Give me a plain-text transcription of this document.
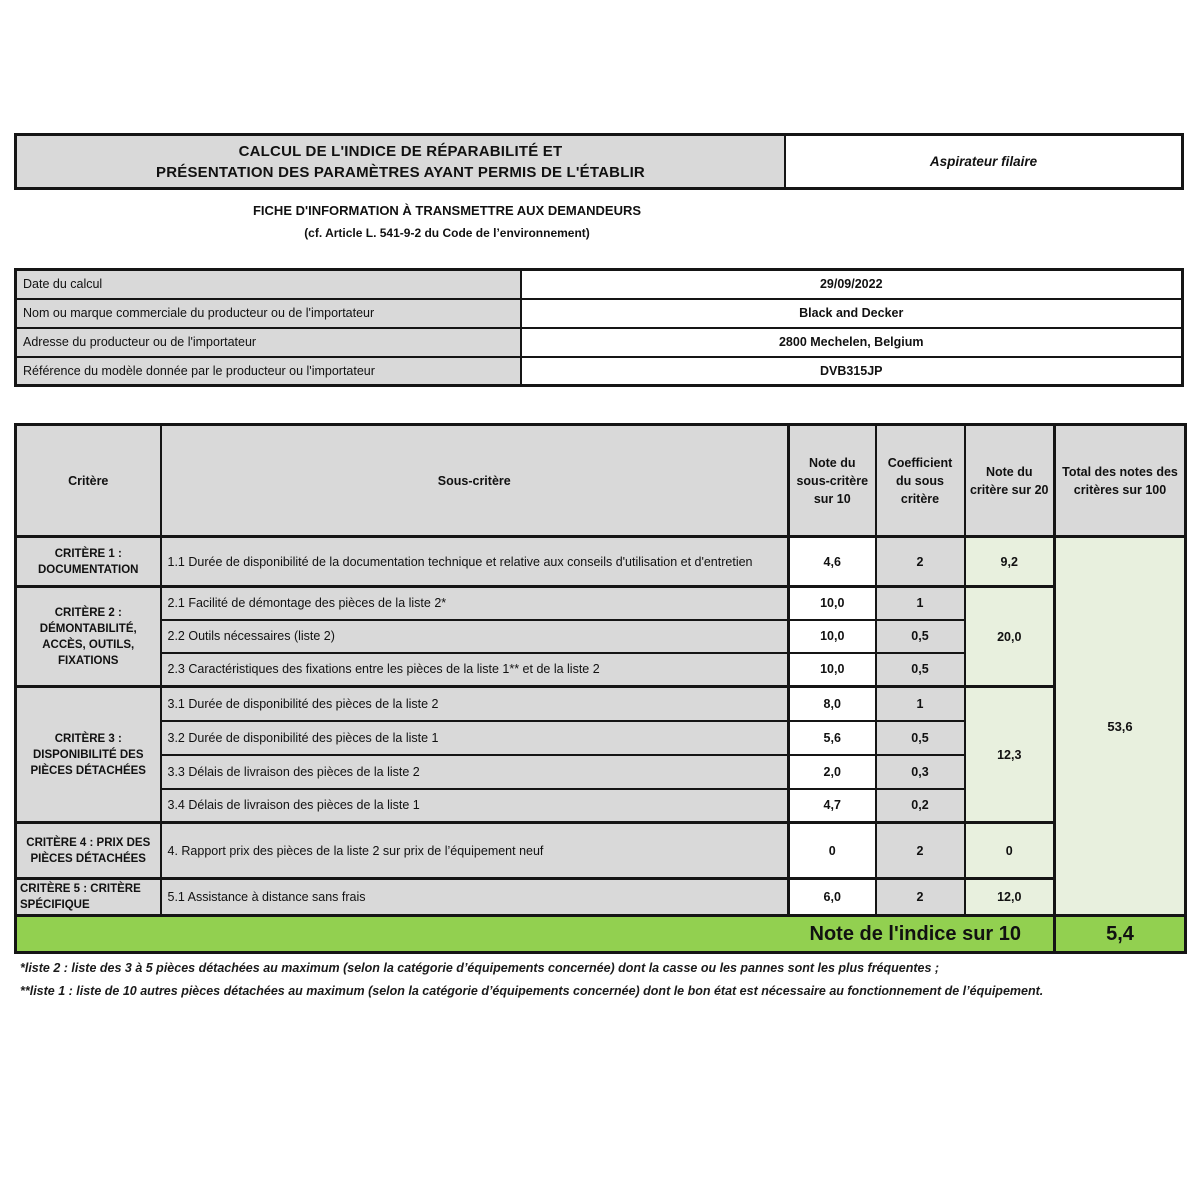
CALCUL DE L'INDICE DE RÉPARABILITÉ ET
PRÉSENTATION DES PARAMÈTRES AYANT PERMIS DE L'ÉTABLIR
Aspirateur filaire
FICHE D'INFORMATION À TRANSMETTRE AUX DEMANDEURS
(cf. Article L. 541-9-2 du Code de l’environnement)
Date du calcul	29/09/2022
Nom ou marque commerciale du producteur ou de l'importateur	Black and Decker
Adresse du producteur ou de l'importateur	2800 Mechelen, Belgium
Référence du modèle donnée par le producteur ou l'importateur	DVB315JP
Critère	Sous-critère	Note du sous-critère sur 10	Coefficient du sous critère	Note du critère sur 20	Total des notes des critères sur 100
CRITÈRE 1 : DOCUMENTATION	1.1 Durée de disponibilité de la documentation technique et relative aux conseils d'utilisation et d'entretien	4,6	2	9,2	53,6
CRITÈRE 2 : DÉMONTABILITÉ, ACCÈS, OUTILS, FIXATIONS	2.1 Facilité de démontage des pièces de la liste 2*	10,0	1	20,0	
	2.2 Outils nécessaires (liste 2)	10,0	0,5		
	2.3 Caractéristiques des fixations entre les pièces de la liste 1** et de la liste 2	10,0	0,5		
CRITÈRE 3 : DISPONIBILITÉ DES PIÈCES DÉTACHÉES	3.1 Durée de disponibilité des pièces de la liste 2	8,0	1	12,3	
	3.2 Durée de disponibilité des pièces de la liste 1	5,6	0,5		
	3.3 Délais de livraison des pièces de la liste 2	2,0	0,3		
	3.4 Délais de livraison des pièces de la liste 1	4,7	0,2		
CRITÈRE 4 : PRIX DES PIÈCES DÉTACHÉES	4. Rapport prix des pièces de la liste 2 sur prix de l’équipement neuf	0	2	0	
CRITÈRE 5 : CRITÈRE SPÉCIFIQUE	5.1 Assistance à distance sans frais	6,0	2	12,0	
Note de l'indice sur 10					5,4
*liste 2 : liste des 3 à 5 pièces détachées au maximum (selon la catégorie d’équipements concernée) dont la casse ou les pannes sont les plus fréquentes ;
**liste 1 : liste de 10 autres pièces détachées au maximum (selon la catégorie d’équipements concernée) dont le bon état est nécessaire au fonctionnement de l’équipement.
